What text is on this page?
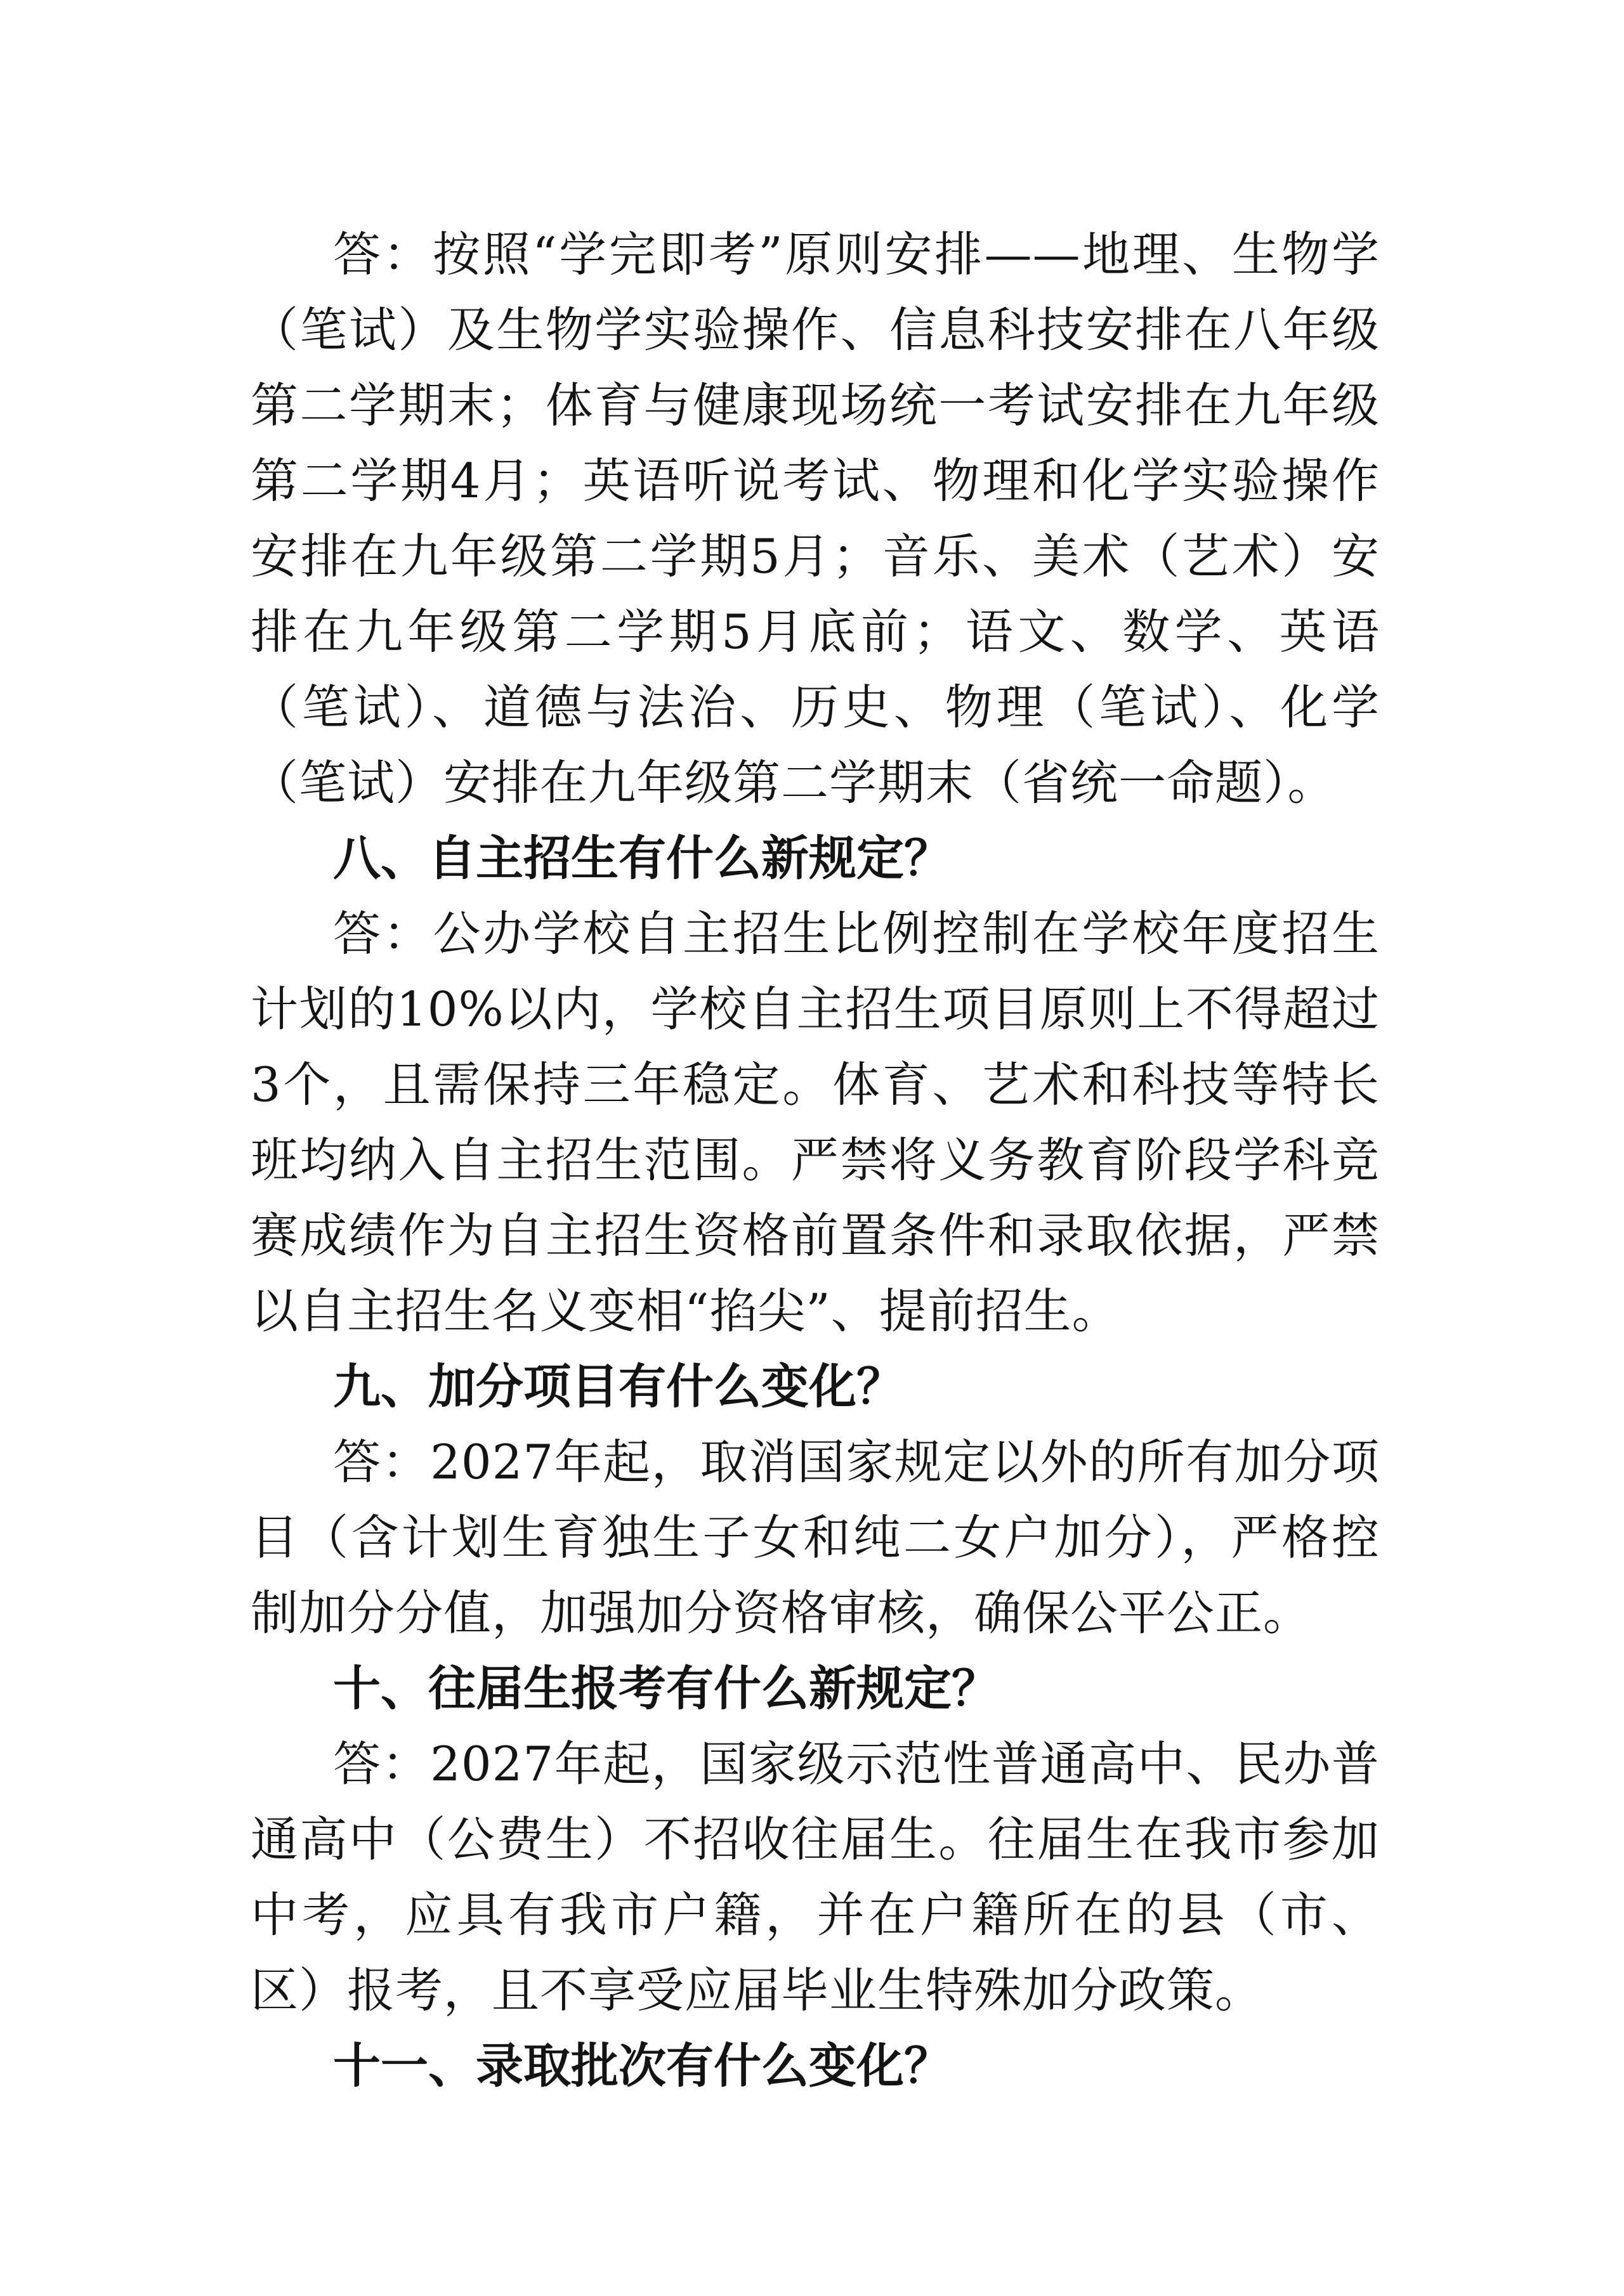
答：按照“学完即考”原则安排——地理、生物学（笔试）及生物学实验操作、信息科技安排在八年级第二学期末；体育与健康现场统一考试安排在九年级第二学期4月；英语听说考试、物理和化学实验操作安排在九年级第二学期5月；音乐、美术（艺术）安排在九年级第二学期5月底前；语文、数学、英语（笔试）、道德与法治、历史、物理（笔试）、化学（笔试）安排在九年级第二学期末（省统一命题）。

八、自主招生有什么新规定？

答：公办学校自主招生比例控制在学校年度招生计划的10%以内，学校自主招生项目原则上不得超过3个，且需保持三年稳定。体育、艺术和科技等特长班均纳入自主招生范围。严禁将义务教育阶段学科竞赛成绩作为自主招生资格前置条件和录取依据，严禁以自主招生名义变相“掐尖”、提前招生。

九、加分项目有什么变化？

答：2027年起，取消国家规定以外的所有加分项目（含计划生育独生子女和纯二女户加分），严格控制加分分值，加强加分资格审核，确保公平公正。

十、往届生报考有什么新规定？

答：2027年起，国家级示范性普通高中、民办普通高中（公费生）不招收往届生。往届生在我市参加中考，应具有我市户籍，并在户籍所在的县（市、区）报考，且不享受应届毕业生特殊加分政策。

十一、录取批次有什么变化？
